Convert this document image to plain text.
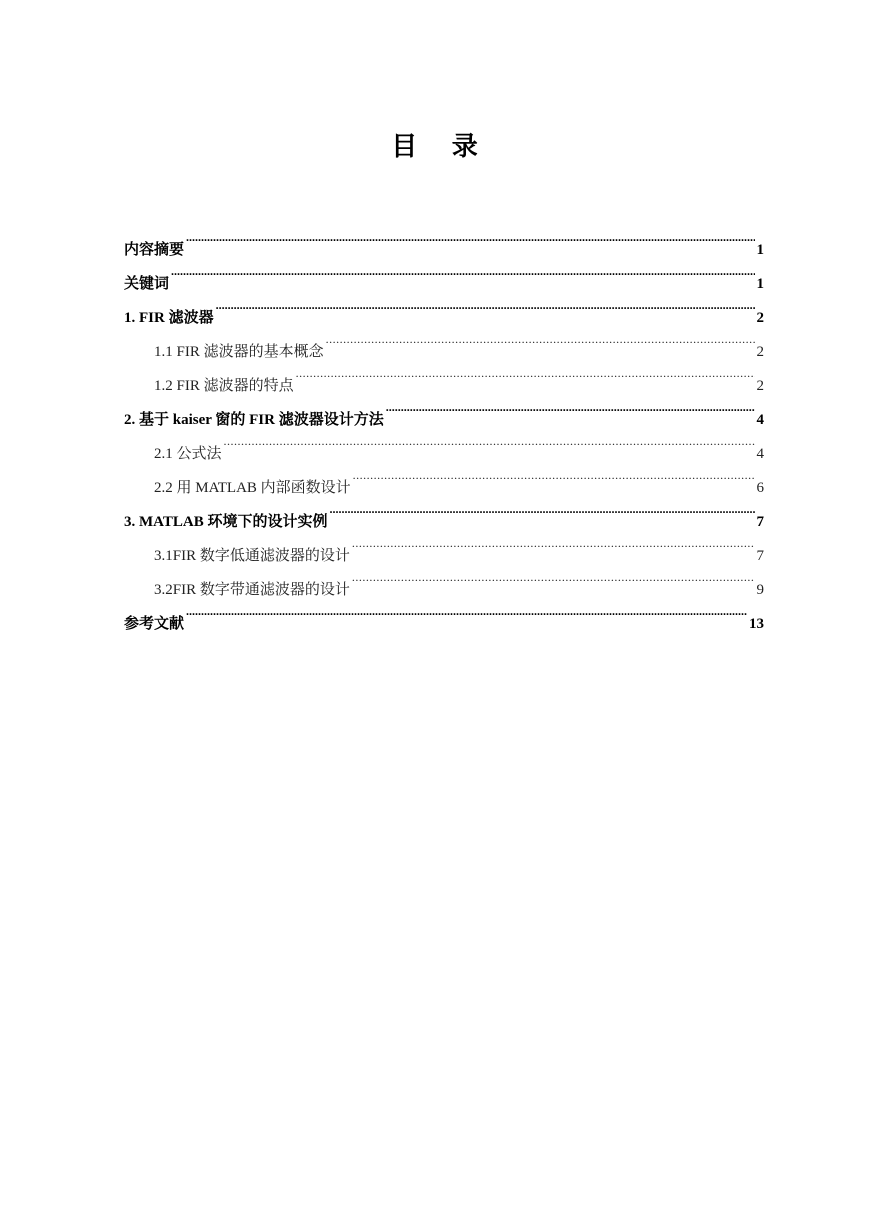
目 录
内容摘要 .....	1
关键词 .....	1
1. FIR 滤波器 .....	2
1.1 FIR 滤波器的基本概念 .....	2
1.2 FIR 滤波器的特点 .....	2
2. 基于 kaiser 窗的 FIR 滤波器设计方法 .....	4
2.1 公式法 .....	4
2.2 用 MATLAB 内部函数设计 .....	6
3. MATLAB 环境下的设计实例 .....	7
3.1FIR 数字低通滤波器的设计 .....	7
3.2FIR 数字带通滤波器的设计 .....	9
参考文献 .....	13
